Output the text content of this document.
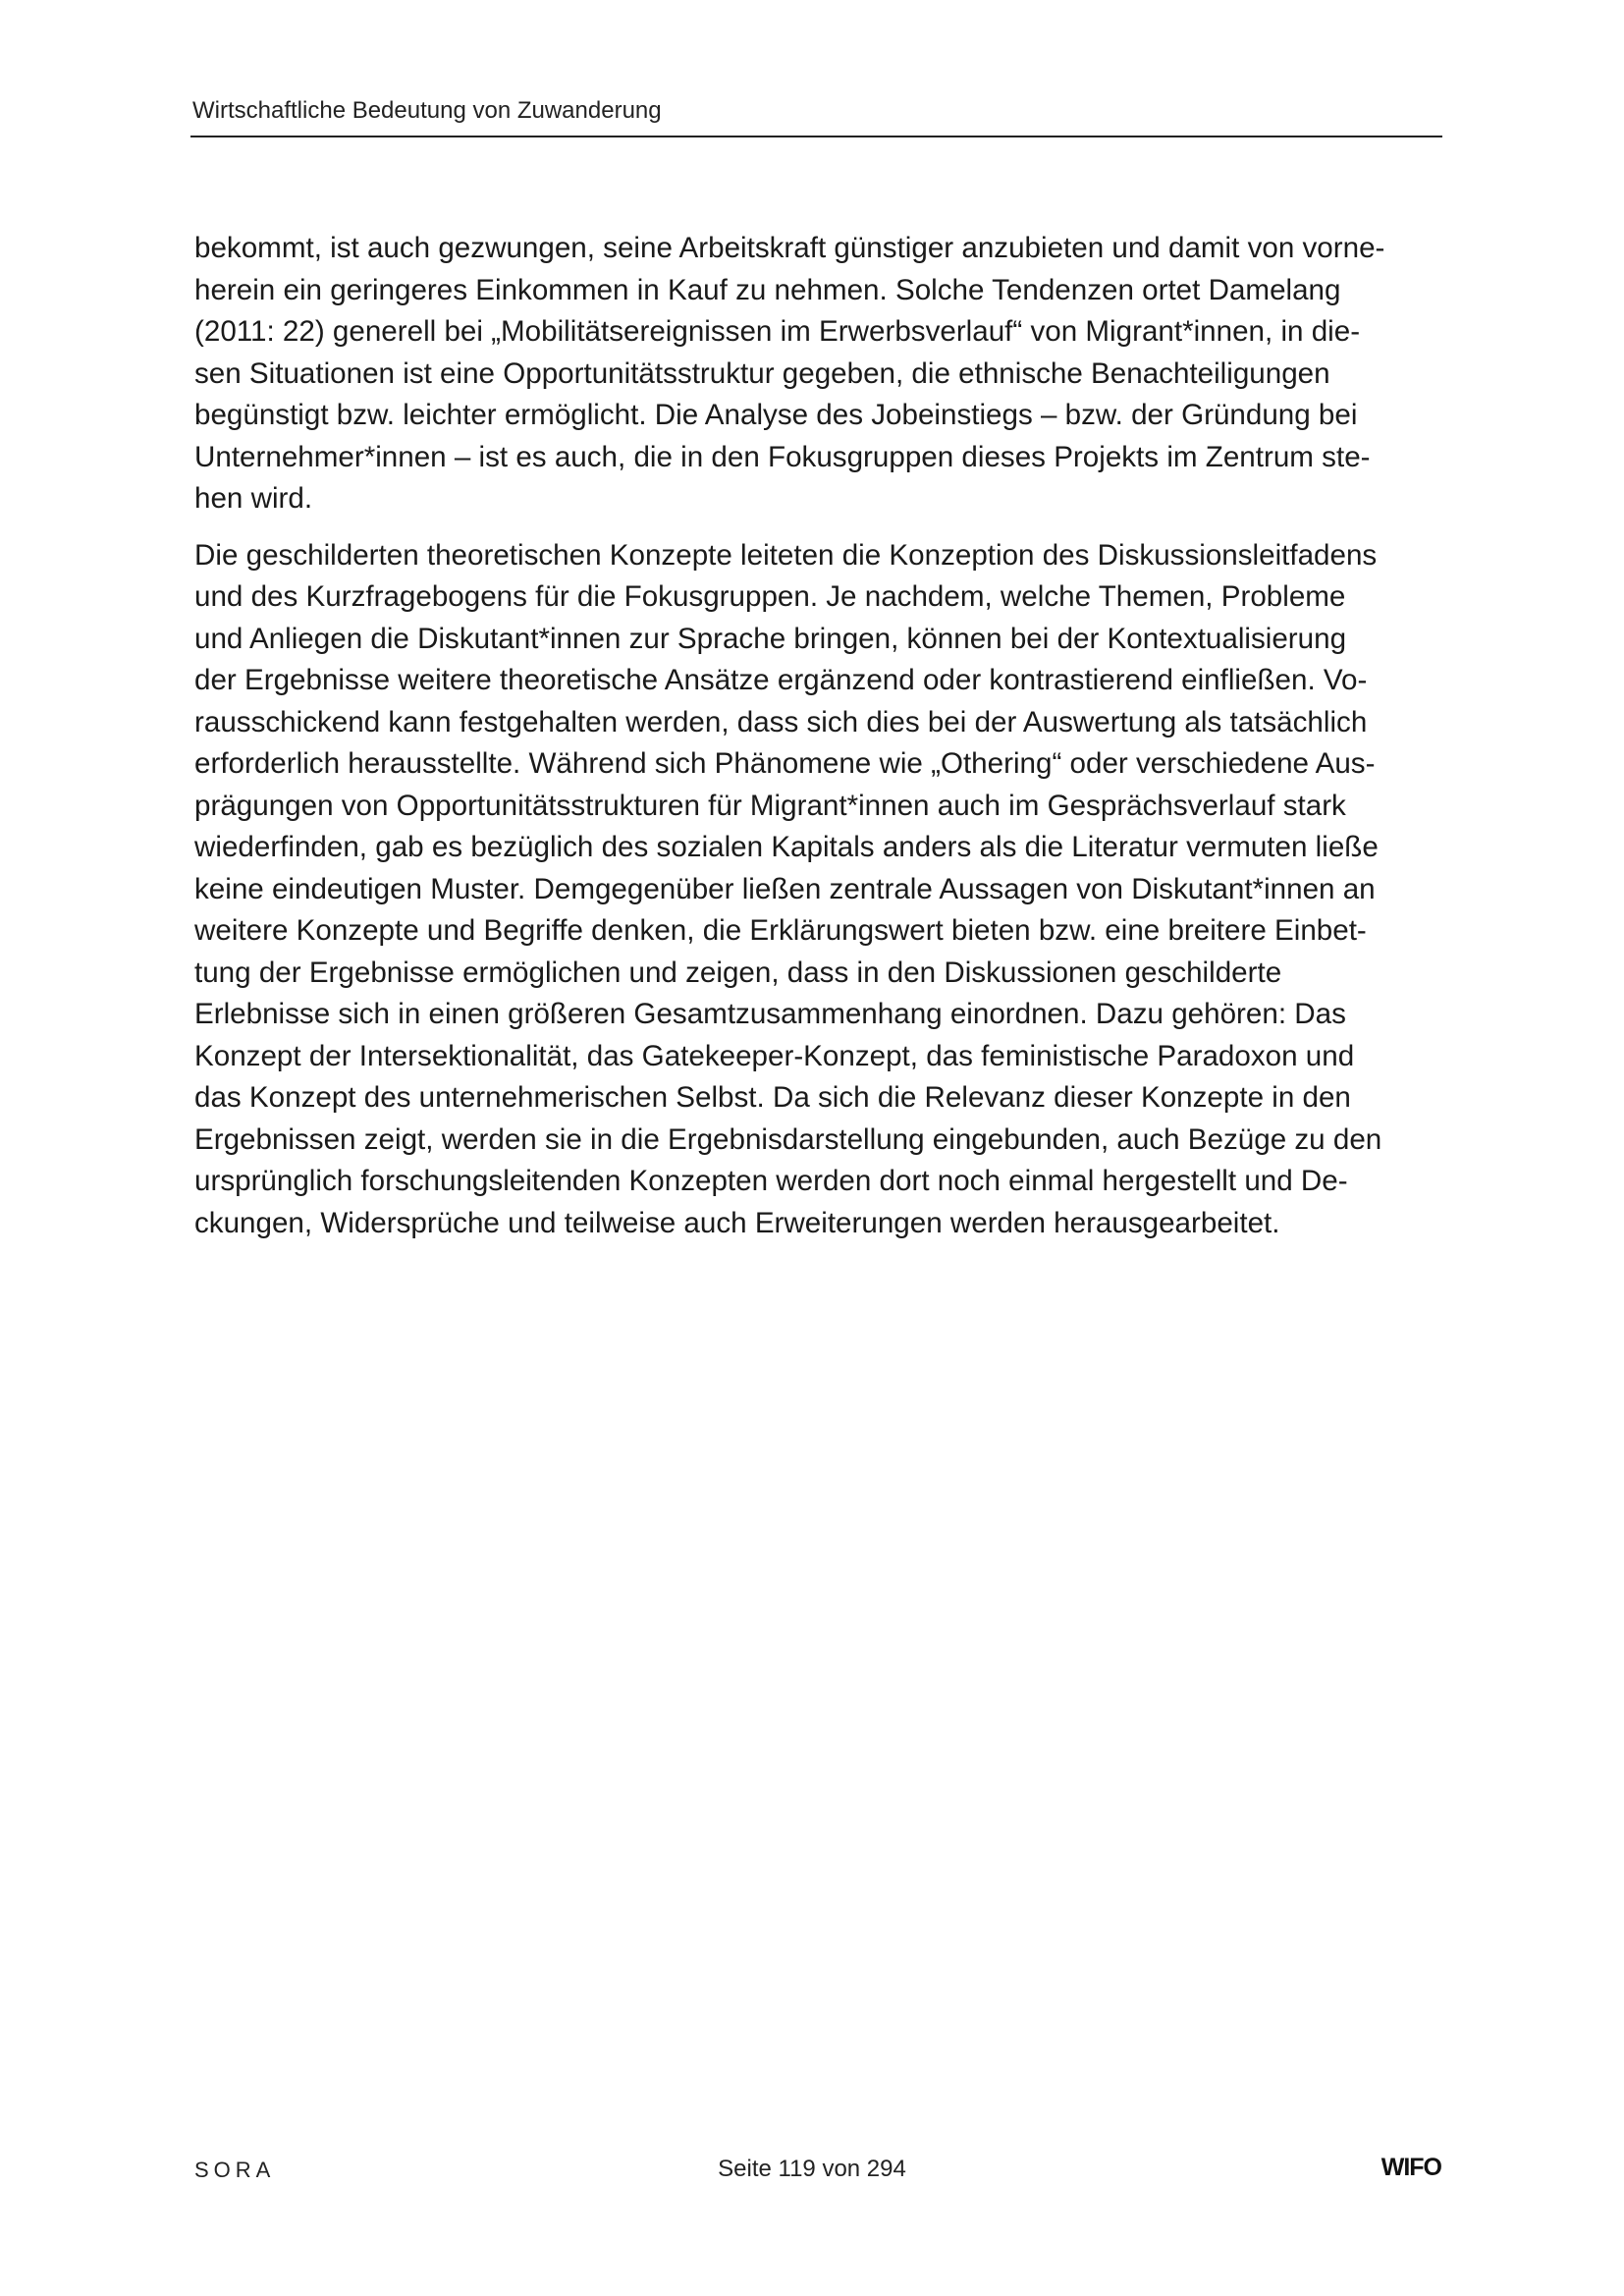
Wirtschaftliche Bedeutung von Zuwanderung

bekommt, ist auch gezwungen, seine Arbeitskraft günstiger anzubieten und damit von vorne-
herein ein geringeres Einkommen in Kauf zu nehmen. Solche Tendenzen ortet Damelang
(2011: 22) generell bei „Mobilitätsereignissen im Erwerbsverlauf“ von Migrant*innen, in die-
sen Situationen ist eine Opportunitätsstruktur gegeben, die ethnische Benachteiligungen
begünstigt bzw. leichter ermöglicht. Die Analyse des Jobeinstiegs – bzw. der Gründung bei
Unternehmer*innen – ist es auch, die in den Fokusgruppen dieses Projekts im Zentrum ste-
hen wird.

Die geschilderten theoretischen Konzepte leiteten die Konzeption des Diskussionsleitfadens
und des Kurzfragebogens für die Fokusgruppen. Je nachdem, welche Themen, Probleme
und Anliegen die Diskutant*innen zur Sprache bringen, können bei der Kontextualisierung
der Ergebnisse weitere theoretische Ansätze ergänzend oder kontrastierend einfließen. Vo-
rausschickend kann festgehalten werden, dass sich dies bei der Auswertung als tatsächlich
erforderlich herausstellte. Während sich Phänomene wie „Othering“ oder verschiedene Aus-
prägungen von Opportunitätsstrukturen für Migrant*innen auch im Gesprächsverlauf stark
wiederfinden, gab es bezüglich des sozialen Kapitals anders als die Literatur vermuten ließe
keine eindeutigen Muster. Demgegenüber ließen zentrale Aussagen von Diskutant*innen an
weitere Konzepte und Begriffe denken, die Erklärungswert bieten bzw. eine breitere Einbet-
tung der Ergebnisse ermöglichen und zeigen, dass in den Diskussionen geschilderte
Erlebnisse sich in einen größeren Gesamtzusammenhang einordnen. Dazu gehören: Das
Konzept der Intersektionalität, das Gatekeeper-Konzept, das feministische Paradoxon und
das Konzept des unternehmerischen Selbst. Da sich die Relevanz dieser Konzepte in den
Ergebnissen zeigt, werden sie in die Ergebnisdarstellung eingebunden, auch Bezüge zu den
ursprünglich forschungsleitenden Konzepten werden dort noch einmal hergestellt und De-
ckungen, Widersprüche und teilweise auch Erweiterungen werden herausgearbeitet.

SORA	Seite 119 von 294	WIFO
